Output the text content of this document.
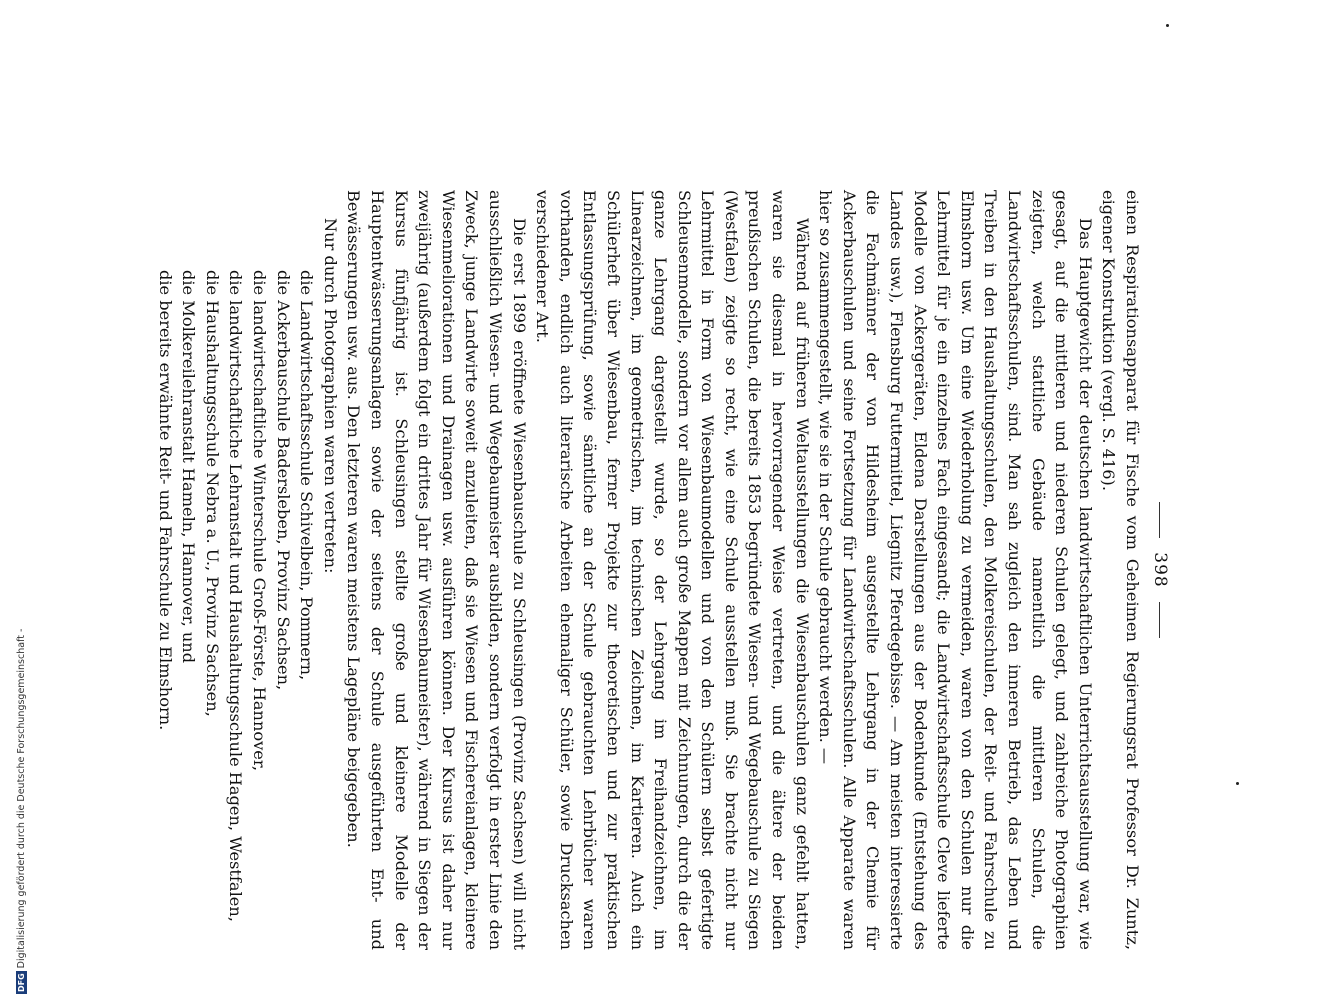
398

einen Respirationsapparat für Fische vom Geheimen Regierungsrat Professor Dr. Zuntz, eigener Konstruktion (vergl. S. 416).

Das Hauptgewicht der deutschen landwirtschaftlichen Unterrichtsausstellung war, wie gesagt, auf die mittleren und niederen Schulen gelegt, und zahlreiche Photographien zeigten, welch stattliche Gebäude namentlich die mittleren Schulen, die Landwirtschaftsschulen, sind. Man sah zugleich den inneren Betrieb, das Leben und Treiben in den Haushaltungsschulen, den Molkereischulen, der Reit- und Fahrschule zu Elmshorn usw. Um eine Wiederholung zu vermeiden, waren von den Schulen nur die Lehrmittel für je ein einzelnes Fach eingesandt; die Landwirtschaftsschule Cleve lieferte Modelle von Ackergeräten, Eldena Darstellungen aus der Bodenkunde (Entstehung des Landes usw.), Flensburg Futtermittel, Liegnitz Pferdegebisse. — Am meisten interessierte die Fachmänner der von Hildesheim ausgestellte Lehrgang in der Chemie für Ackerbauschulen und seine Fortsetzung für Landwirtschaftsschulen. Alle Apparate waren hier so zusammengestellt, wie sie in der Schule gebraucht werden. —

Während auf früheren Weltausstellungen die Wiesenbauschulen ganz gefehlt hatten, waren sie diesmal in hervorragender Weise vertreten, und die ältere der beiden preußischen Schulen, die bereits 1853 begründete Wiesen- und Wegebauschule zu Siegen (Westfalen) zeigte so recht, wie eine Schule ausstellen muß. Sie brachte nicht nur Lehrmittel in Form von Wiesenbaumodellen und von den Schülern selbst gefertigte Schleusenmodelle, sondern vor allem auch große Mappen mit Zeichnungen, durch die der ganze Lehrgang dargestellt wurde, so der Lehrgang im Freihandzeichnen, im Linearzeichnen, im geometrischen, im technischen Zeichnen, im Kartieren. Auch ein Schülerheft über Wiesenbau, ferner Projekte zur theoretischen und zur praktischen Entlassungsprüfung, sowie sämtliche an der Schule gebrauchten Lehrbücher waren vorhanden, endlich auch literarische Arbeiten ehemaliger Schüler, sowie Drucksachen verschiedener Art.

Die erst 1899 eröffnete Wiesenbauschule zu Schleusingen (Provinz Sachsen) will nicht ausschließlich Wiesen- und Wegebaumeister ausbilden, sondern verfolgt in erster Linie den Zweck, junge Landwirte soweit anzuleiten, daß sie Wiesen und Fischereianlagen, kleinere Wiesenmeliorationen und Drainagen usw. ausführen können. Der Kursus ist daher nur zweijährig (außerdem folgt ein drittes Jahr für Wiesenbaumeister), während in Siegen der Kursus fünfjährig ist. Schleusingen stellte große und kleinere Modelle der Hauptentwässerungsanlagen sowie der seitens der Schule ausgeführten Ent- und Bewässerungen usw. aus. Den letzteren waren meistens Lagepläne beigegeben.

Nur durch Photographien waren vertreten:
die Landwirtschaftsschule Schivelbein, Pommern,
die Ackerbauschule Badersleben, Provinz Sachsen,
die landwirtschaftliche Winterschule Groß-Förste, Hannover,
die landwirtschaftliche Lehranstalt und Haushaltungsschule Hagen, Westfalen,
die Haushaltungsschule Nebra a. U., Provinz Sachsen,
die Molkereilehranstalt Hameln, Hannover, und
die bereits erwähnte Reit- und Fahrschule zu Elmshorn.
DFGDigitalisierung gefördert durch die Deutsche Forschungsgemeinschaft -
